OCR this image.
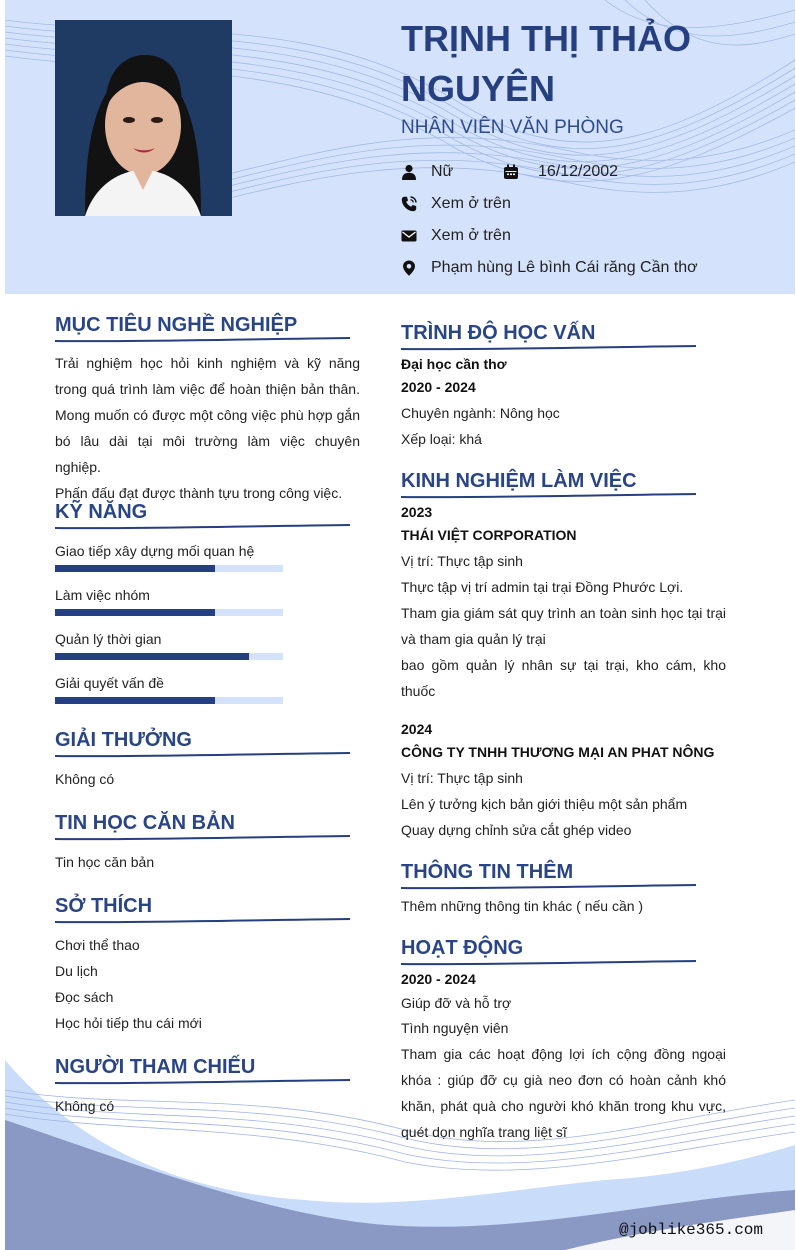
TRỊNH THỊ THẢO NGUYÊN
NHÂN VIÊN VĂN PHÒNG
Nữ	16/12/2002
Xem ở trên
Xem ở trên
Phạm hùng Lê bình Cái răng Cần thơ
MỤC TIÊU NGHỀ NGHIỆP
Trải nghiệm học hỏi kinh nghiệm và kỹ năng
trong quá trình làm việc để hoàn thiện bản thân.
Mong muốn có được một công việc phù hợp gắn
bó lâu dài tại môi trường làm việc chuyên nghiệp.
Phấn đấu đạt được thành tựu trong công việc.
KỸ NĂNG
Giao tiếp xây dựng mối quan hệ
Làm việc nhóm
Quản lý thời gian
Giải quyết vấn đề
GIẢI THƯỞNG
Không có
TIN HỌC CĂN BẢN
Tin học căn bản
SỞ THÍCH
Chơi thể thao
Du lịch
Đọc sách
Học hỏi tiếp thu cái mới
NGƯỜI THAM CHIẾU
Không có
TRÌNH ĐỘ HỌC VẤN
Đại học cần thơ
2020 - 2024
Chuyên ngành: Nông học
Xếp loại: khá
KINH NGHIỆM LÀM VIỆC
2023
THÁI VIỆT CORPORATION
Vị trí: Thực tập sinh
Thực tập vị trí admin tại trại Đồng Phước Lợi.
Tham gia giám sát quy trình an toàn sinh học tại trại
và tham gia quản lý trại
bao gồm quản lý nhân sự tại trại, kho cám, kho
thuốc
2024
CÔNG TY TNHH THƯƠNG MẠI AN PHAT NÔNG
Vị trí: Thực tập sinh
Lên ý tưởng kịch bản giới thiệu một sản phẩm
Quay dựng chỉnh sửa cắt ghép video
THÔNG TIN THÊM
Thêm những thông tin khác ( nếu cần )
HOẠT ĐỘNG
2020 - 2024
Giúp đỡ và hỗ trợ
Tình nguyện viên
Tham gia các hoạt động lợi ích cộng đồng ngoại
khóa : giúp đỡ cụ già neo đơn có hoàn cảnh khó
khăn, phát quà cho người khó khăn trong khu vực,
quét dọn nghĩa trang liệt sĩ
@joblike365.com
